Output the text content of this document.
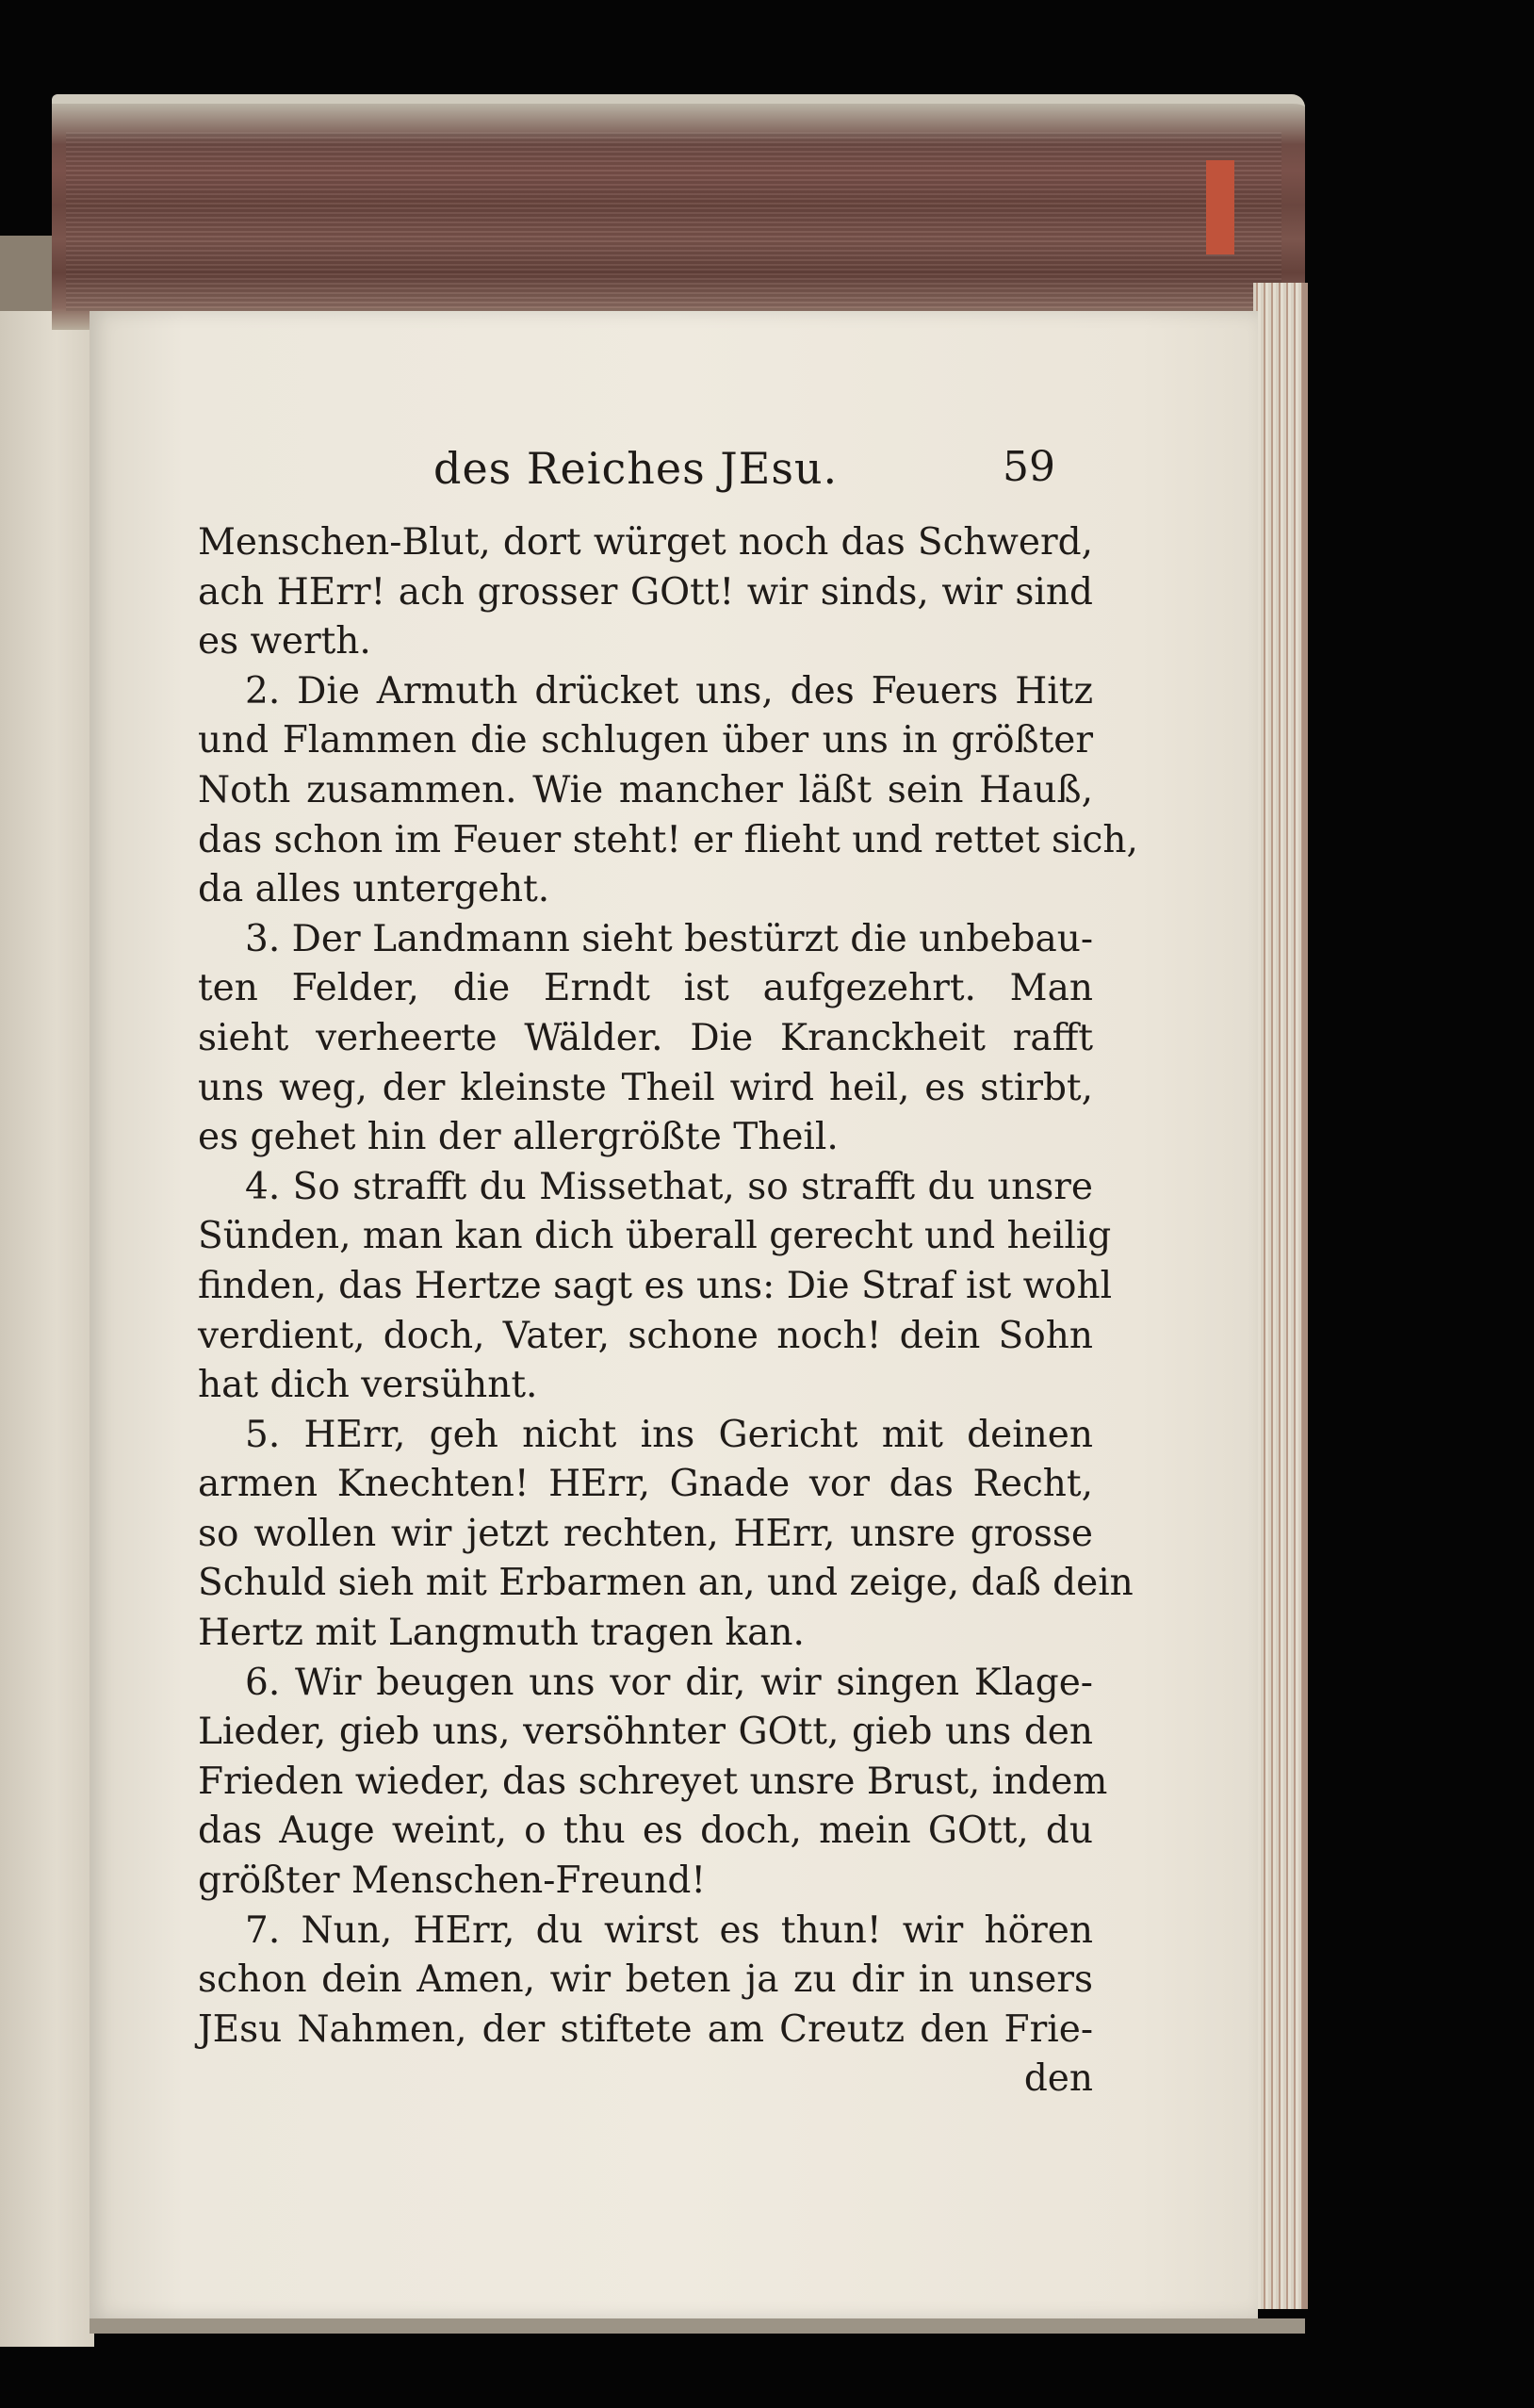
des Reiches JEsu.	59
Menschen-Blut, dort würget noch das Schwerd,
ach HErr! ach grosser GOtt! wir sinds, wir sind
es werth.
2. Die Armuth drücket uns, des Feuers Hitz
und Flammen die schlugen über uns in größter
Noth zusammen. Wie mancher läßt sein Hauß,
das schon im Feuer steht! er flieht und rettet sich,
da alles untergeht.
3. Der Landmann sieht bestürzt die unbebau-
ten Felder, die Erndt ist aufgezehrt. Man
sieht verheerte Wälder. Die Kranckheit rafft
uns weg, der kleinste Theil wird heil, es stirbt,
es gehet hin der allergrößte Theil.
4. So strafft du Missethat, so strafft du unsre
Sünden, man kan dich überall gerecht und heilig
finden, das Hertze sagt es uns: Die Straf ist wohl
verdient, doch, Vater, schone noch! dein Sohn
hat dich versühnt.
5. HErr, geh nicht ins Gericht mit deinen
armen Knechten! HErr, Gnade vor das Recht,
so wollen wir jetzt rechten, HErr, unsre grosse
Schuld sieh mit Erbarmen an, und zeige, daß dein
Hertz mit Langmuth tragen kan.
6. Wir beugen uns vor dir, wir singen Klage-
Lieder, gieb uns, versöhnter GOtt, gieb uns den
Frieden wieder, das schreyet unsre Brust, indem
das Auge weint, o thu es doch, mein GOtt, du
größter Menschen-Freund!
7. Nun, HErr, du wirst es thun! wir hören
schon dein Amen, wir beten ja zu dir in unsers
JEsu Nahmen, der stiftete am Creutz den Frie-
den
